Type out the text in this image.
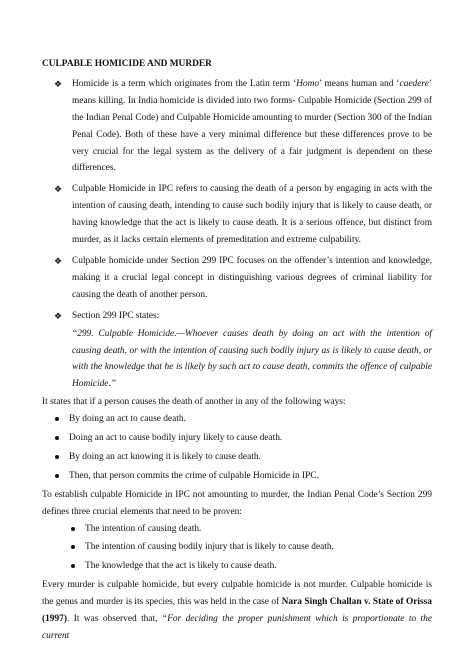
CULPABLE HOMICIDE AND MURDER

❖ Homicide is a term which originates from the Latin term ‘Homo’ means human and ‘caedere’ means killing. In India homicide is divided into two forms- Culpable Homicide (Section 299 of the Indian Penal Code) and Culpable Homicide amounting to murder (Section 300 of the Indian Penal Code). Both of these have a very minimal difference but these differences prove to be very crucial for the legal system as the delivery of a fair judgment is dependent on these differences.
❖ Culpable Homicide in IPC refers to causing the death of a person by engaging in acts with the intention of causing death, intending to cause such bodily injury that is likely to cause death, or having knowledge that the act is likely to cause death. It is a serious offence, but distinct from murder, as it lacks certain elements of premeditation and extreme culpability.
❖ Culpable homicide under Section 299 IPC focuses on the offender’s intention and knowledge, making it a crucial legal concept in distinguishing various degrees of criminal liability for causing the death of another person.
❖ Section 299 IPC states:

“299. Culpable Homicide.—Whoever causes death by doing an act with the intention of causing death, or with the intention of causing such bodily injury as is likely to cause death, or with the knowledge that he is likely by such act to cause death, commits the offence of culpable Homicide.”

It states that if a person causes the death of another in any of the following ways:

By doing an act to cause death.
Doing an act to cause bodily injury likely to cause death.
By doing an act knowing it is likely to cause death.
Then, that person commits the crime of culpable Homicide in IPC.

To establish culpable Homicide in IPC not amounting to murder, the Indian Penal Code’s Section 299 defines three crucial elements that need to be proven:

The intention of causing death.
The intention of causing bodily injury that is likely to cause death.
The knowledge that the act is likely to cause death.

Every murder is culpable homicide, but every culpable homicide is not murder. Culpable homicide is the genus and murder is its species, this was held in the case of Nara Singh Challan v. State of Orissa (1997). It was observed that, “For deciding the proper punishment which is proportionate to the current
